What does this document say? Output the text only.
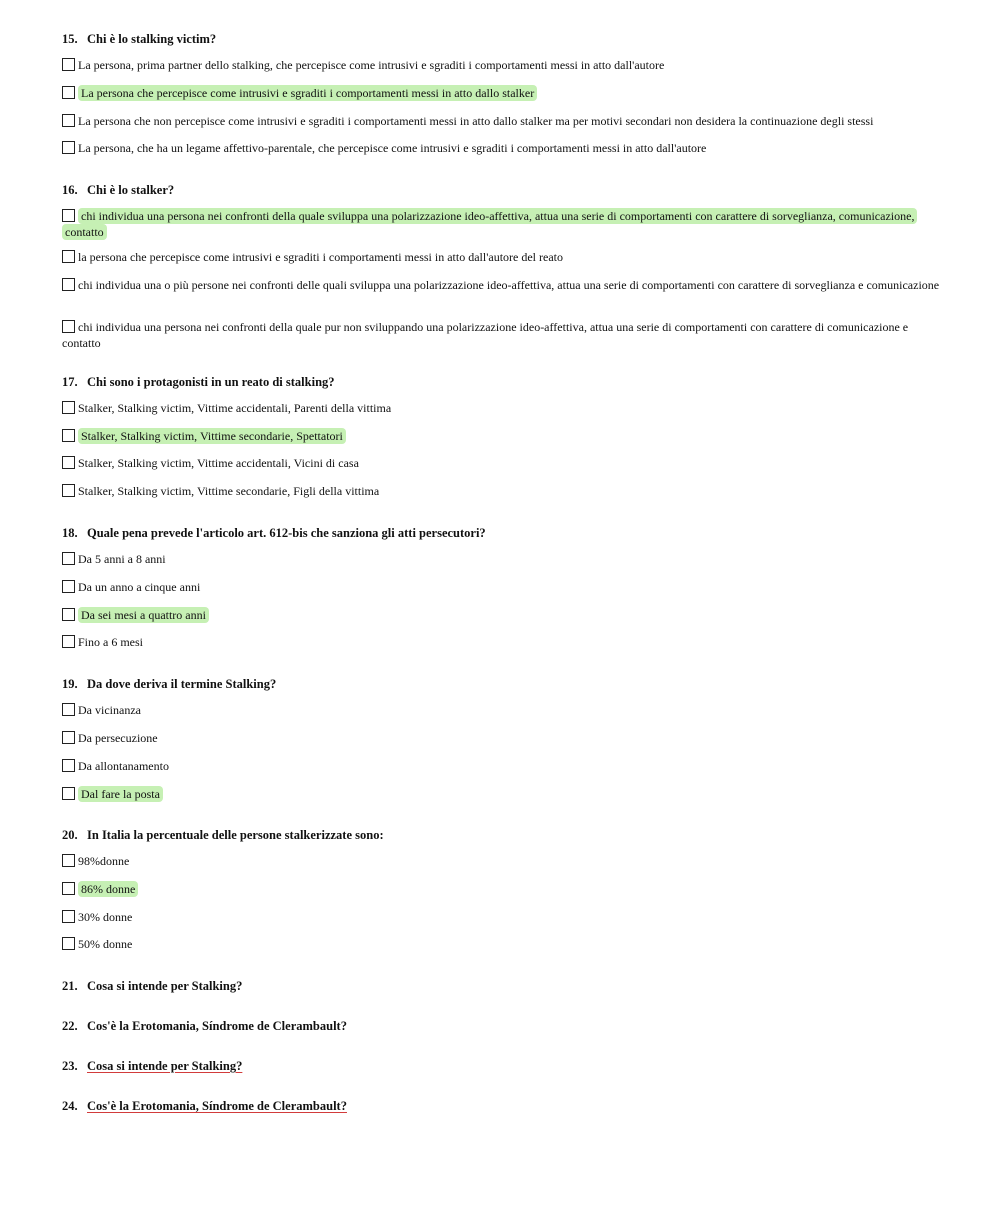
15. Chi è lo stalking victim?
La persona, prima partner dello stalking, che percepisce come intrusivi e sgraditi i comportamenti messi in atto dall'autore
La persona che percepisce come intrusivi e sgraditi i comportamenti messi in atto dallo stalker
La persona che non percepisce come intrusivi e sgraditi i comportamenti messi in atto dallo stalker ma per motivi secondari non desidera la continuazione degli stessi
La persona, che ha un legame affettivo-parentale, che percepisce come intrusivi e sgraditi i comportamenti messi in atto dall'autore
16. Chi è lo stalker?
chi individua una persona nei confronti della quale sviluppa una polarizzazione ideo-affettiva, attua una serie di comportamenti con carattere di sorveglianza, comunicazione, contatto
la persona che percepisce come intrusivi e sgraditi i comportamenti messi in atto dall'autore del reato
chi individua una o più persone nei confronti delle quali sviluppa una polarizzazione ideo-affettiva, attua una serie di comportamenti con carattere di sorveglianza e comunicazione
chi individua una persona nei confronti della quale pur non sviluppando una polarizzazione ideo-affettiva, attua una serie di comportamenti con carattere di comunicazione e contatto
17. Chi sono i protagonisti in un reato di stalking?
Stalker, Stalking victim, Vittime accidentali, Parenti della vittima
Stalker, Stalking victim, Vittime secondarie, Spettatori
Stalker, Stalking victim, Vittime accidentali, Vicini di casa
Stalker, Stalking victim, Vittime secondarie, Figli della vittima
18. Quale pena prevede l'articolo art. 612-bis che sanziona gli atti persecutori?
Da 5 anni a 8 anni
Da un anno a cinque anni
Da sei mesi a quattro anni
Fino a 6 mesi
19. Da dove deriva il termine Stalking?
Da vicinanza
Da persecuzione
Da allontanamento
Dal fare la posta
20. In Italia la percentuale delle persone stalkerizzate sono:
98%donne
86% donne
30% donne
50% donne
21. Cosa si intende per Stalking?
22. Cos'è la Erotomania, Síndrome de Clerambault?
23. Cosa si intende per Stalking?
24. Cos'è la Erotomania, Síndrome de Clerambault?
